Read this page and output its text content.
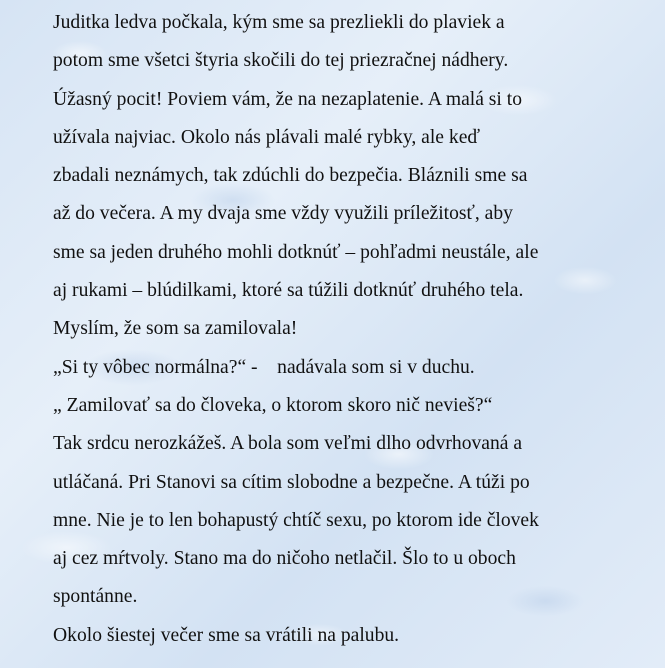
Juditka ledva počkala, kým sme sa prezliekli do plaviek a
potom sme všetci štyria skočili do tej priezračnej nádhery.
Úžasný pocit! Poviem vám, že na nezaplatenie. A malá si to
užívala najviac. Okolo nás plávali malé rybky, ale keď
zbadali neznámych, tak zdúchli do bezpečia. Bláznili sme sa
až do večera. A my dvaja sme vždy využili príležitosť, aby
sme sa jeden druhého mohli dotknúť – pohľadmi neustále, ale
aj rukami – blúdilkami, ktoré sa túžili dotknúť druhého tela.
Myslím, že som sa zamilovala!
„Si ty vôbec normálna?“ -    nadávala som si v duchu.
„ Zamilovať sa do človeka, o ktorom skoro nič nevieš?“
Tak srdcu nerozkážeš. A bola som veľmi dlho odvrhovaná a
utláčaná. Pri Stanovi sa cítim slobodne a bezpečne. A túži po
mne. Nie je to len bohapustý chtíč sexu, po ktorom ide človek
aj cez mŕtvoly. Stano ma do ničoho netlačil. Šlo to u oboch
spontánne.
Okolo šiestej večer sme sa vrátili na palubu.
